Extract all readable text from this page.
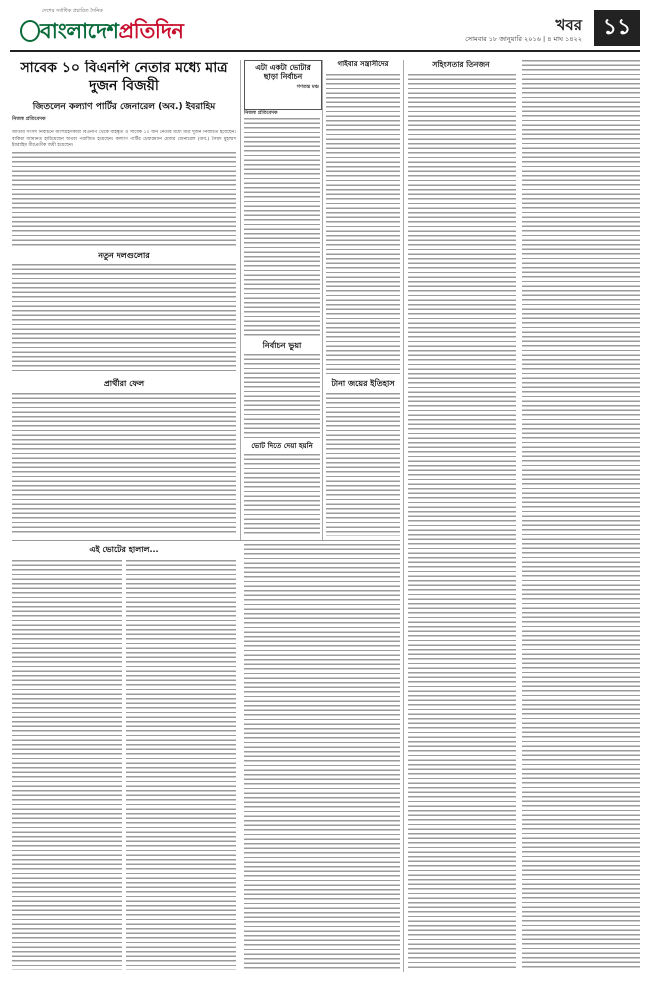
দেশের সর্বাধিক প্রচারিত দৈনিক
বাংলাদেশপ্রতিদিন	খবর
সোমবার ১৮ জানুয়ারি ২০১৬ | ৪ মাঘ ১৪২২ ১১
সাবেক ১০ বিএনপি নেতার মধ্যে মাত্র দুজন বিজয়ী
জিতলেন কল্যাণ পার্টির জেনারেল (অব.) ইবরাহিম
নিজস্ব প্রতিবেদক
জাতীয় সংসদ নির্বাচনে অংশগ্রহণকারী বিএনপি থেকে বহিষ্কৃত ও সাবেক ১০ জন নেতার মধ্যে মাত্র দুজন নির্বাচিত হয়েছেন। বাকিরা জামানত হারিয়েছেন অথবা পরাজিত হয়েছেন। কল্যাণ পার্টির চেয়ারম্যান মেজর জেনারেল (অব.) সৈয়দ মুহাম্মদ ইবরাহিম বীরপ্রতীক জয়ী হয়েছেন।
নতুন দলগুলোর
প্রার্থীরা ফেল
এই ভোটের হালাল...
এটা একটা ভোটার ছাড়া নির্বাচন
গণতন্ত্র মঞ্চ
নিজস্ব প্রতিবেদক
নির্বাচন ভুয়া
ভোট দিতে দেয়া হয়নি
গাইবার সন্ত্রাসীদের
টানা জয়ের ইতিহাস
সহিংসতার তিনজন
